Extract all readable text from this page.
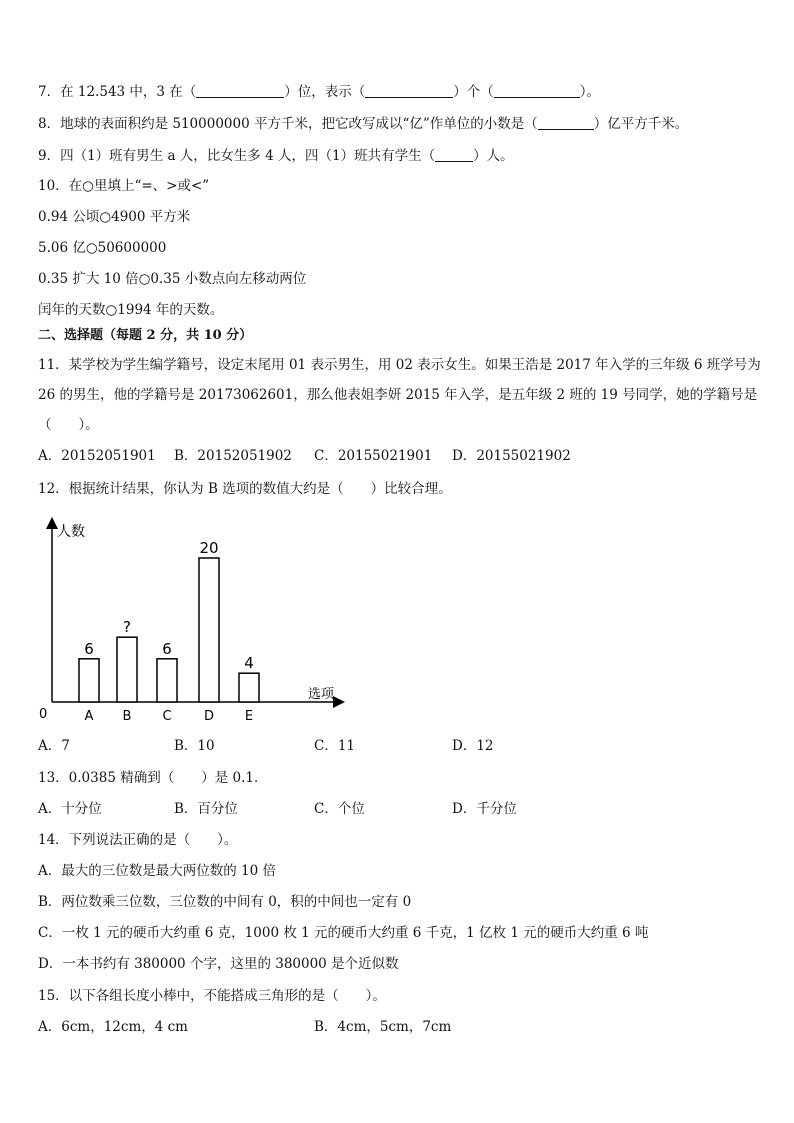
7．在 12.543 中，3 在（	）位，表示（	）个（	）。
8．地球的表面积约是 510000000 平方千米，把它改写成以“亿”作单位的小数是（	）亿平方千米。
9．四（1）班有男生 a 人，比女生多 4 人，四（1）班共有学生（	）人。
10．在○里填上“=、>或<”
0.94 公顷○4900 平方米
5.06 亿○50600000
0.35 扩大 10 倍○0.35 小数点向左移动两位
闰年的天数○1994 年的天数。
二、选择题（每题 2 分，共 10 分）
11．某学校为学生编学籍号，设定末尾用 01 表示男生，用 02 表示女生。如果王浩是 2017 年入学的三年级 6 班学号为 26 的男生，他的学籍号是 20173062601，那么他表姐李妍 2015 年入学，是五年级 2 班的 19 号同学，她的学籍号是（　　）。
A．20152051901 B．20152051902 C．20155021901 D．20155021902
12．根据统计结果，你认为 B 选项的数值大约是（　　）比较合理。
人数
选项
0
6
A
?
B
6
C
20
D
4
E
A．7	B．10	C．11	D．12
13．0.0385 精确到（　　）是 0.1．
A．十分位	B．百分位	C．个位	D．千分位
14．下列说法正确的是（　　）。
A．最大的三位数是最大两位数的 10 倍
B．两位数乘三位数，三位数的中间有 0，积的中间也一定有 0
C．一枚 1 元的硬币大约重 6 克，1000 枚 1 元的硬币大约重 6 千克，1 亿枚 1 元的硬币大约重 6 吨
D．一本书约有 380000 个字，这里的 380000 是个近似数
15．以下各组长度小棒中，不能搭成三角形的是（　　）。
A．6cm，12cm，4 cm	B．4cm，5cm，7cm
